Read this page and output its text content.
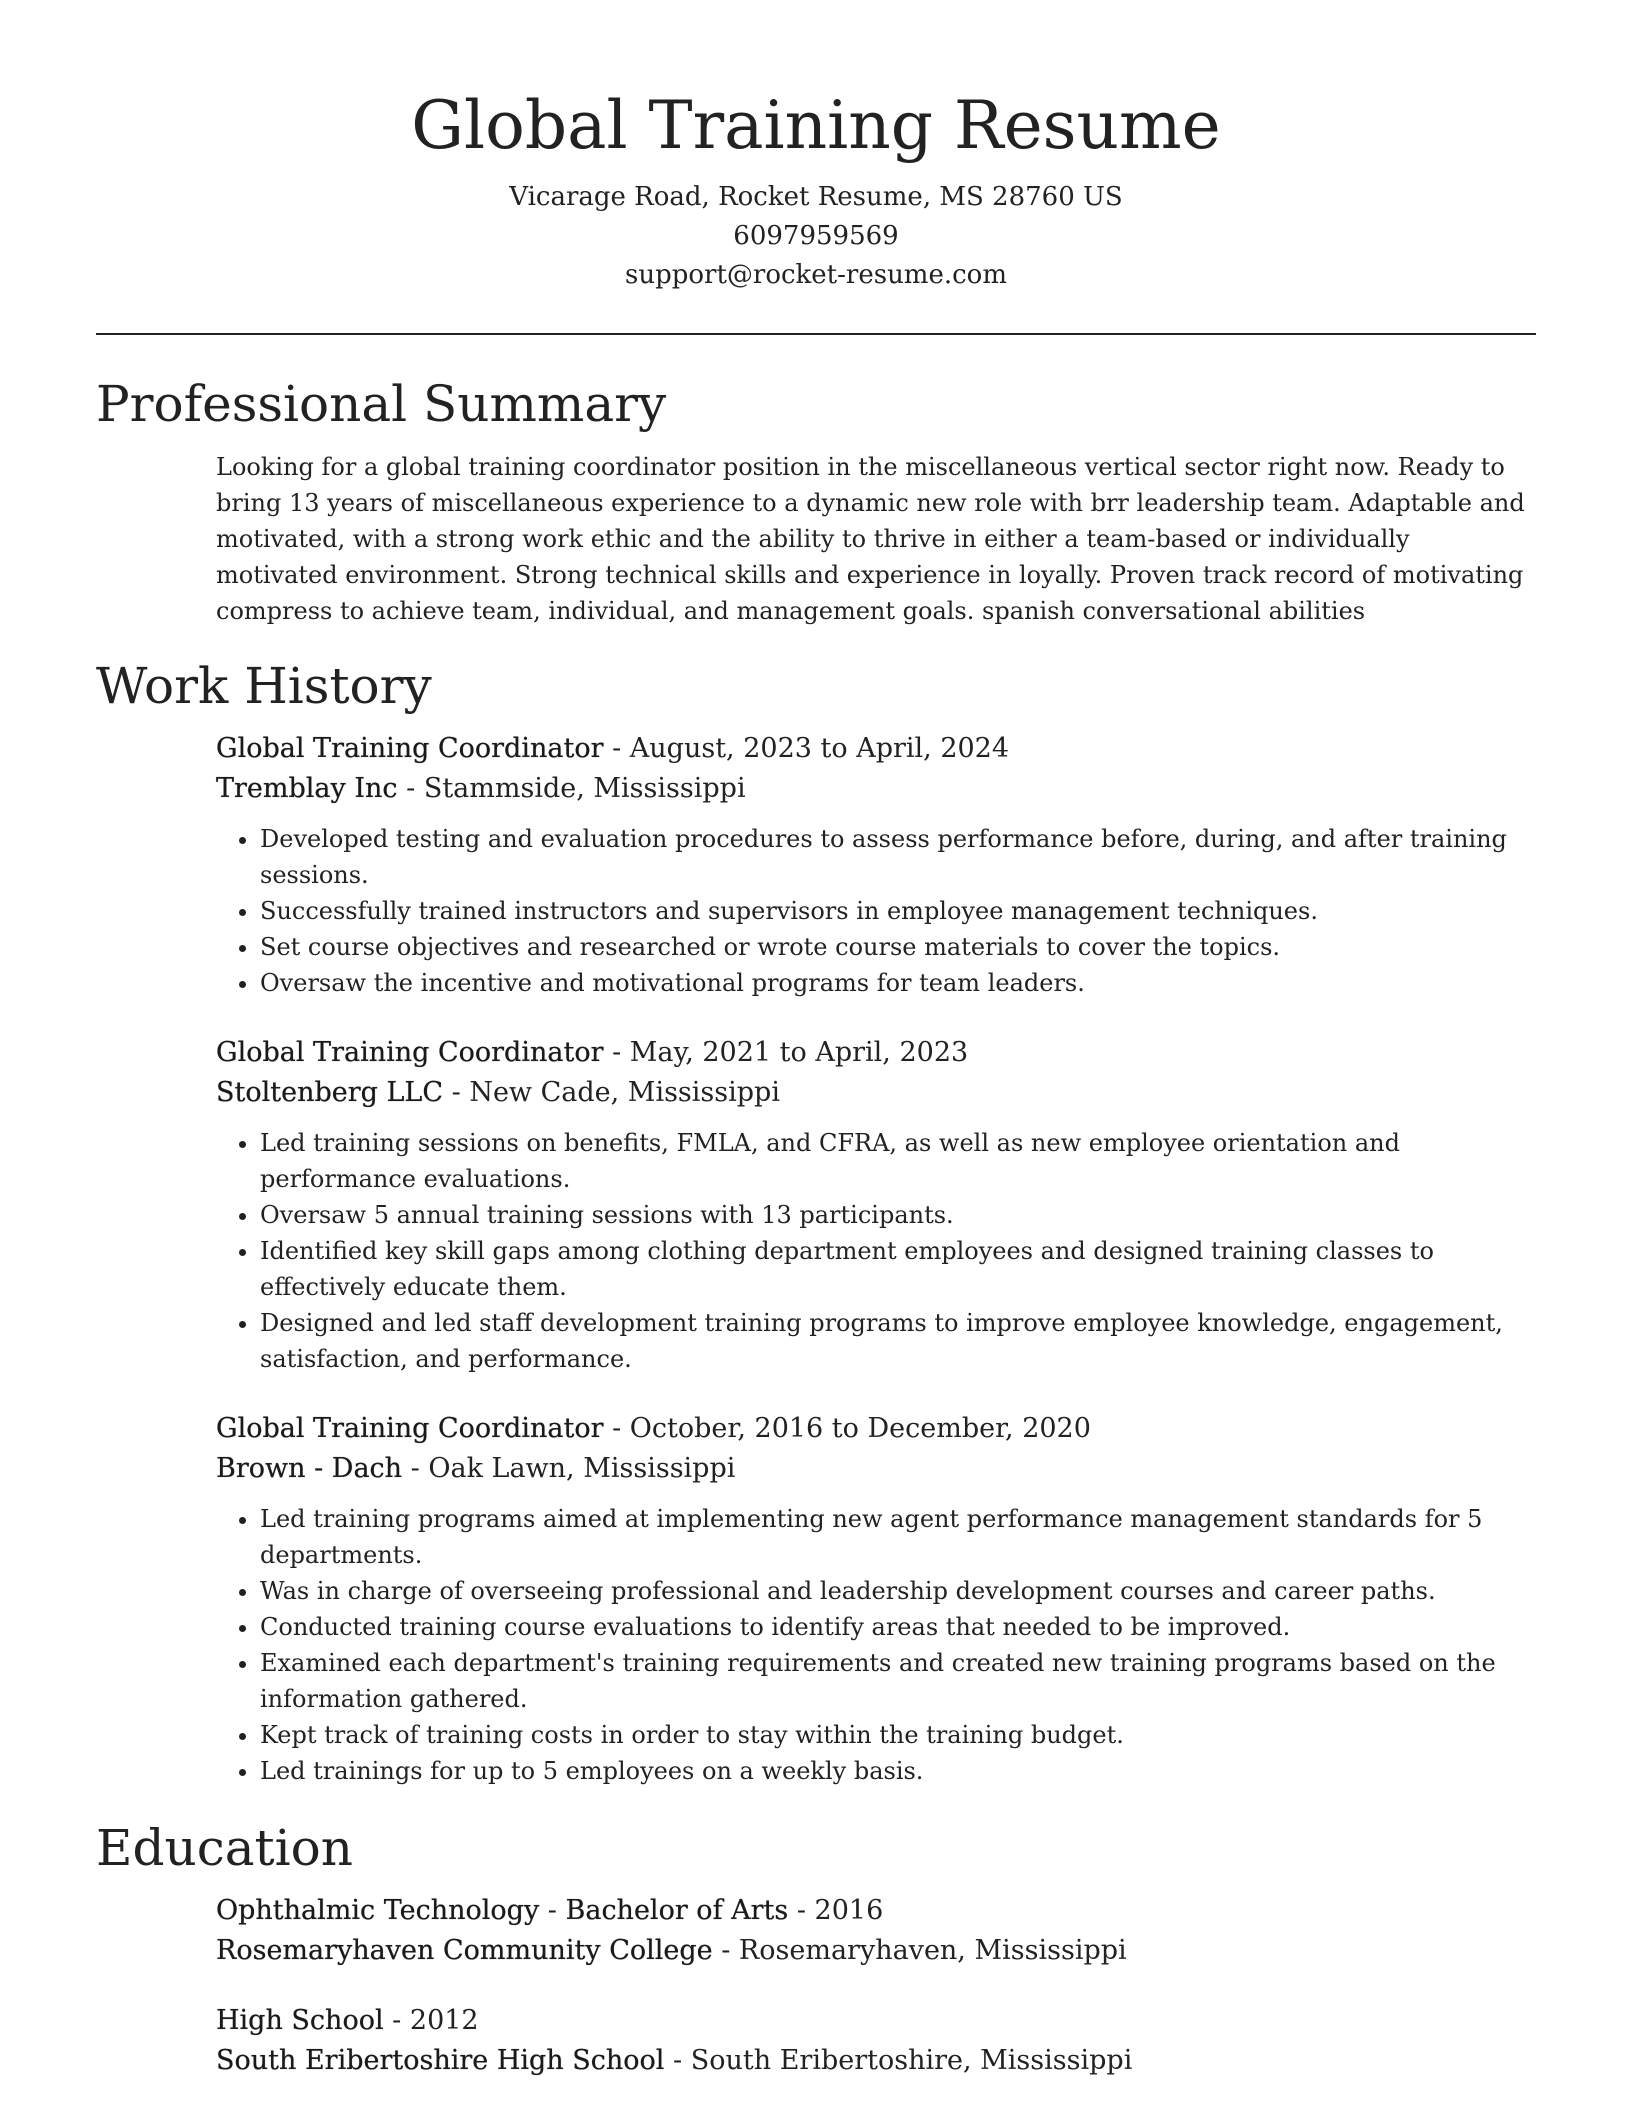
Global Training Resume
Vicarage Road, Rocket Resume, MS 28760 US
6097959569
support@rocket-resume.com
Professional Summary

Looking for a global training coordinator position in the miscellaneous vertical sector right now. Ready to bring 13 years of miscellaneous experience to a dynamic new role with brr leadership team. Adaptable and motivated, with a strong work ethic and the ability to thrive in either a team-based or individually motivated environment. Strong technical skills and experience in loyally. Proven track record of motivating compress to achieve team, individual, and management goals. spanish conversational abilities

Work History
Global Training Coordinator - August, 2023 to April, 2024
Tremblay Inc - Stammside, Mississippi
• Developed testing and evaluation procedures to assess performance before, during, and after training sessions.
• Successfully trained instructors and supervisors in employee management techniques.
• Set course objectives and researched or wrote course materials to cover the topics.
• Oversaw the incentive and motivational programs for team leaders.
Global Training Coordinator - May, 2021 to April, 2023
Stoltenberg LLC - New Cade, Mississippi
• Led training sessions on benefits, FMLA, and CFRA, as well as new employee orientation and performance evaluations.
• Oversaw 5 annual training sessions with 13 participants.
• Identified key skill gaps among clothing department employees and designed training classes to effectively educate them.
• Designed and led staff development training programs to improve employee knowledge, engagement, satisfaction, and performance.
Global Training Coordinator - October, 2016 to December, 2020
Brown - Dach - Oak Lawn, Mississippi
• Led training programs aimed at implementing new agent performance management standards for 5 departments.
• Was in charge of overseeing professional and leadership development courses and career paths.
• Conducted training course evaluations to identify areas that needed to be improved.
• Examined each department's training requirements and created new training programs based on the information gathered.
• Kept track of training costs in order to stay within the training budget.
• Led trainings for up to 5 employees on a weekly basis.
Education
Ophthalmic Technology - Bachelor of Arts - 2016
Rosemaryhaven Community College - Rosemaryhaven, Mississippi
High School - 2012
South Eribertoshire High School - South Eribertoshire, Mississippi
